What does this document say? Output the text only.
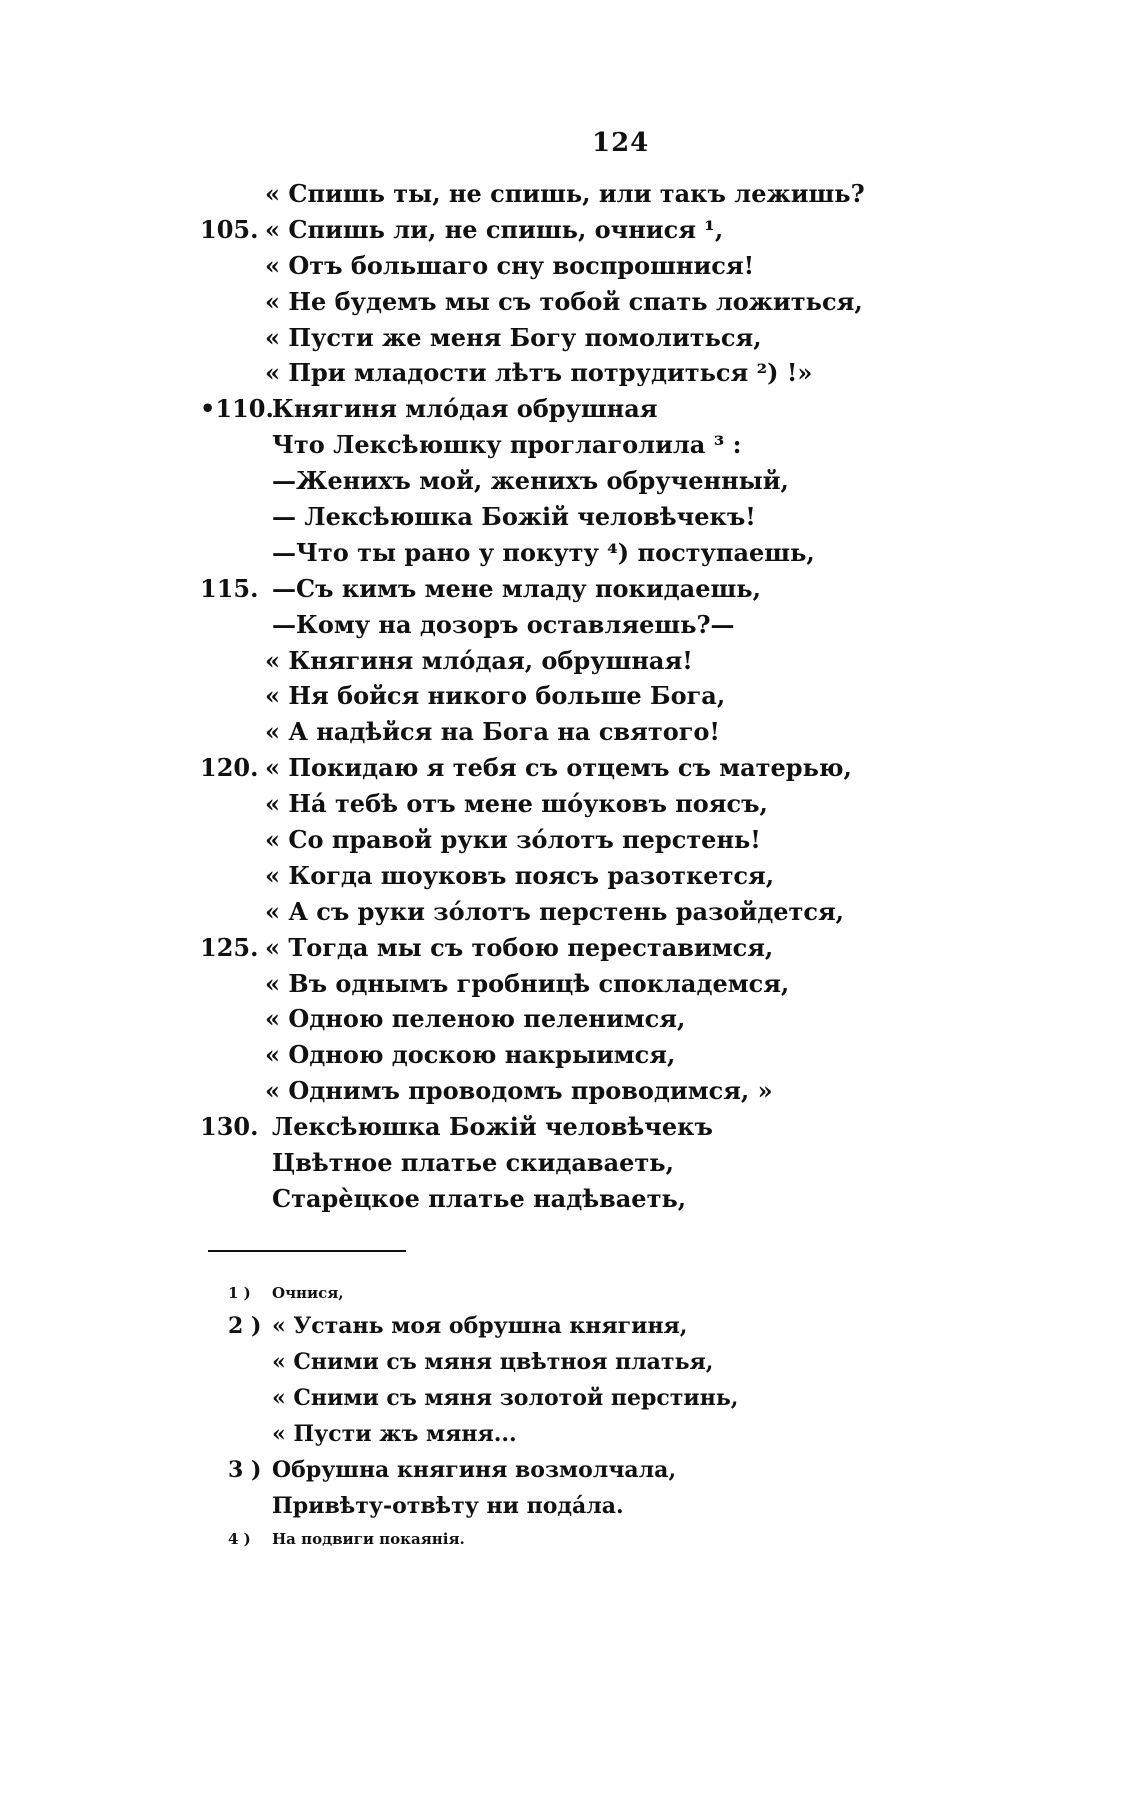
124
« Спишь ты, не спишь, или такъ лежишь?
105. « Спишь ли, не спишь, очнися ¹,
« Отъ большаго сну воспрошнися!
« Не будемъ мы съ тобой спать ложиться,
« Пусти же меня Богу помолиться,
« При младости лѣтъ потрудиться ²) !»
•110.
Княгиня млóдая обрушная
Что Лексѣюшку проглаголила ³ :
—Женихъ мой, женихъ обрученный,
— Лексѣюшка Божій человѣчекъ!
—Что ты рано у покуту ⁴) поступаешь,
115. —Съ кимъ мене младу покидаешь,
—Кому на дозоръ оставляешь?—
« Княгиня млóдая, обрушная!
« Ня бойся никого больше Бога,
« А надѣйся на Бога на святого!
120. « Покидаю я тебя съ отцемъ съ матерью,
« На́ тебѣ отъ мене шóуковъ поясъ,
« Со правой руки зóлотъ перстень!
« Когда шоуковъ поясъ разоткется,
« А съ руки зóлотъ перстень разойдется,
125. « Тогда мы съ тобою переставимся,
« Въ однымъ гробницѣ спокладемся,
« Одною пеленою пеленимся,
« Одною доскою накрыимся,
« Однимъ проводомъ проводимся, »
130. Лексѣюшка Божій человѣчекъ
Цвѣтное платье скидаваеть,
Старѐцкое платье надѣваеть,
1 )	Очнися,
2 ) « Устань моя обрушна княгиня,
« Сними съ мяня цвѣтноя платья,
« Сними съ мяня золотой перстинь,
« Пусти жъ мяня...
3 ) Обрушна княгиня возмолчала,
Привѣту-отвѣту ни пода́ла.
4 )	На подвиги покаянія.
